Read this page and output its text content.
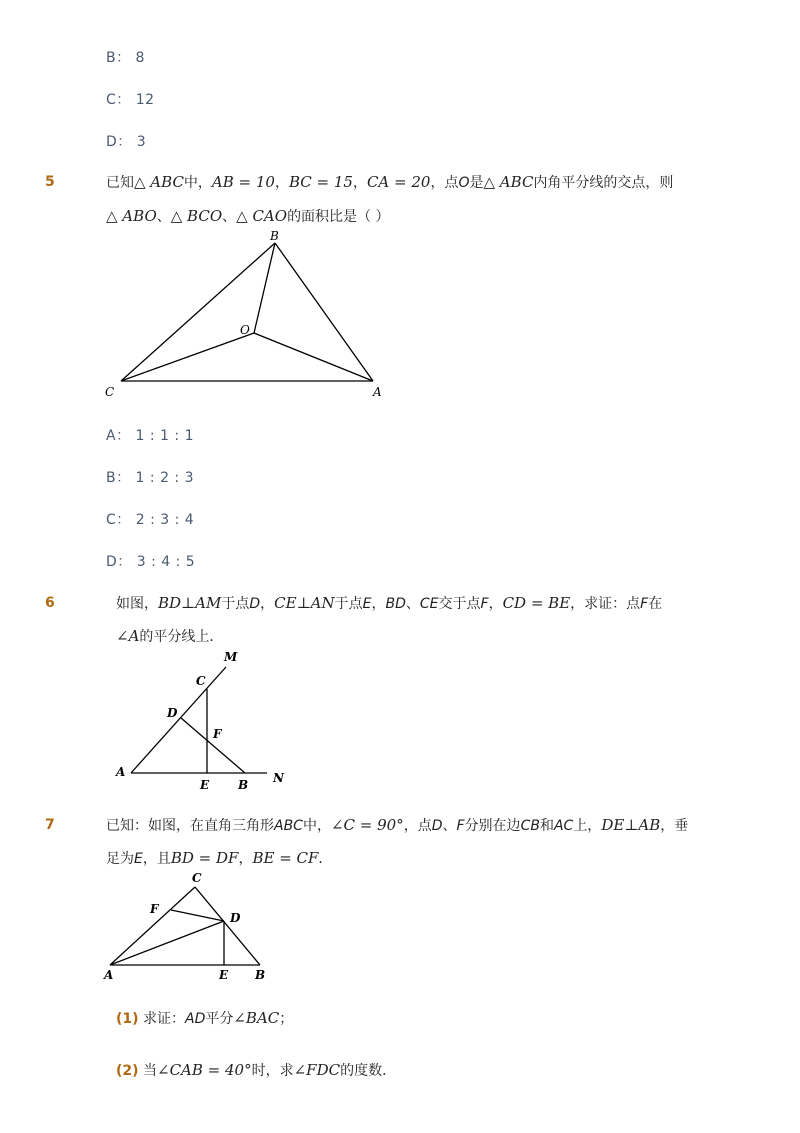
B： 8
C： 12
D： 3
5	已知△ ABC中，AB = 10，BC = 15，CA = 20，点O是△ ABC内角平分线的交点，则
△ ABO、△ BCO、△ CAO的面积比是（ ）
B
O
C	A
A： 1 : 1 : 1
B： 1 : 2 : 3
C： 2 : 3 : 4
D： 3 : 4 : 5
6	如图，BD⊥AM于点D，CE⊥AN于点E，BD、CE交于点F，CD = BE，求证：点F在
∠A的平分线上．
M
C
D
F
A
E B N
7	已知：如图，在直角三角形ABC中，∠C = 90°，点D、F分别在边CB和AC上，DE⊥AB，垂
足为E，且BD = DF，BE = CF．
C
F
D
A	E B
(1) 求证：AD平分∠BAC；
(2) 当∠CAB = 40°时，求∠FDC的度数．
